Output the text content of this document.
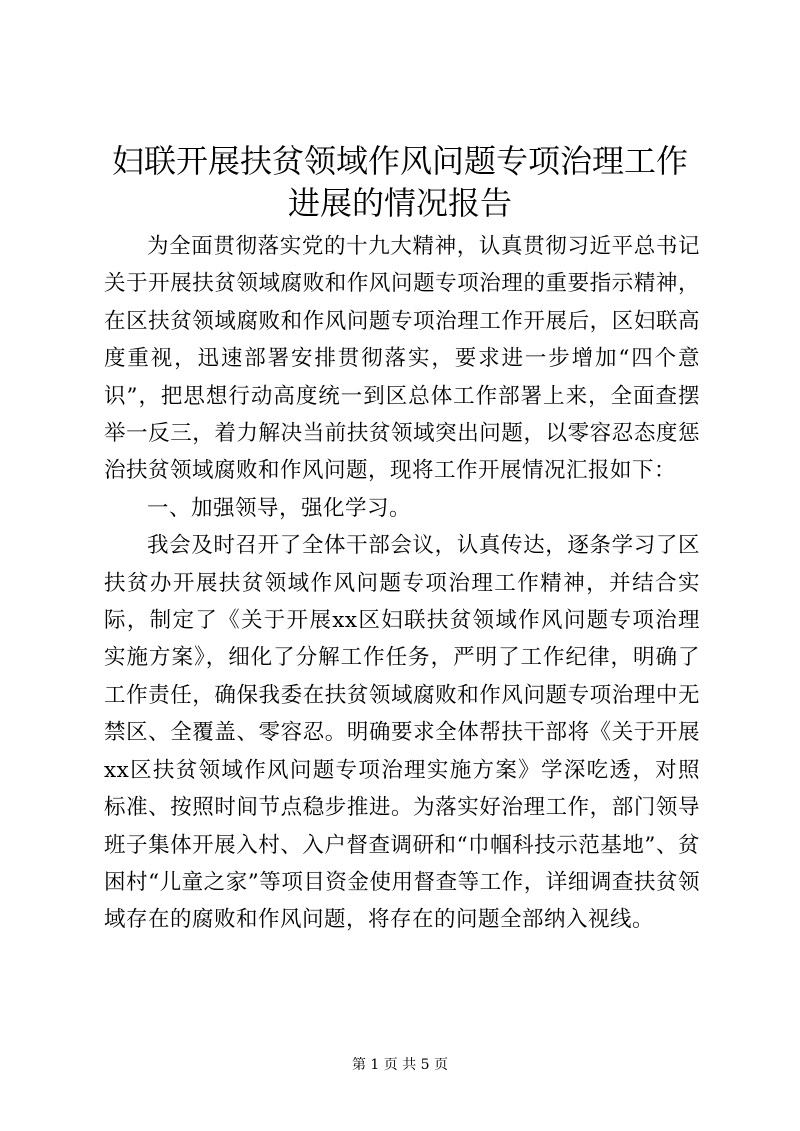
妇联开展扶贫领域作风问题专项治理工作进展的情况报告

为全面贯彻落实党的十九大精神，认真贯彻习近平总书记关于开展扶贫领域腐败和作风问题专项治理的重要指示精神，在区扶贫领域腐败和作风问题专项治理工作开展后，区妇联高度重视，迅速部署安排贯彻落实，要求进一步增加“四个意识”，把思想行动高度统一到区总体工作部署上来，全面查摆举一反三，着力解决当前扶贫领域突出问题，以零容忍态度惩治扶贫领域腐败和作风问题，现将工作开展情况汇报如下：

一、加强领导，强化学习。

我会及时召开了全体干部会议，认真传达，逐条学习了区扶贫办开展扶贫领域作风问题专项治理工作精神，并结合实际，制定了《关于开展xx区妇联扶贫领域作风问题专项治理实施方案》，细化了分解工作任务，严明了工作纪律，明确了工作责任，确保我委在扶贫领域腐败和作风问题专项治理中无禁区、全覆盖、零容忍。明确要求全体帮扶干部将《关于开展xx区扶贫领域作风问题专项治理实施方案》学深吃透，对照标准、按照时间节点稳步推进。为落实好治理工作，部门领导班子集体开展入村、入户督查调研和“巾帼科技示范基地”、贫困村“儿童之家”等项目资金使用督查等工作，详细调查扶贫领域存在的腐败和作风问题，将存在的问题全部纳入视线。

第 1 页 共 5 页
